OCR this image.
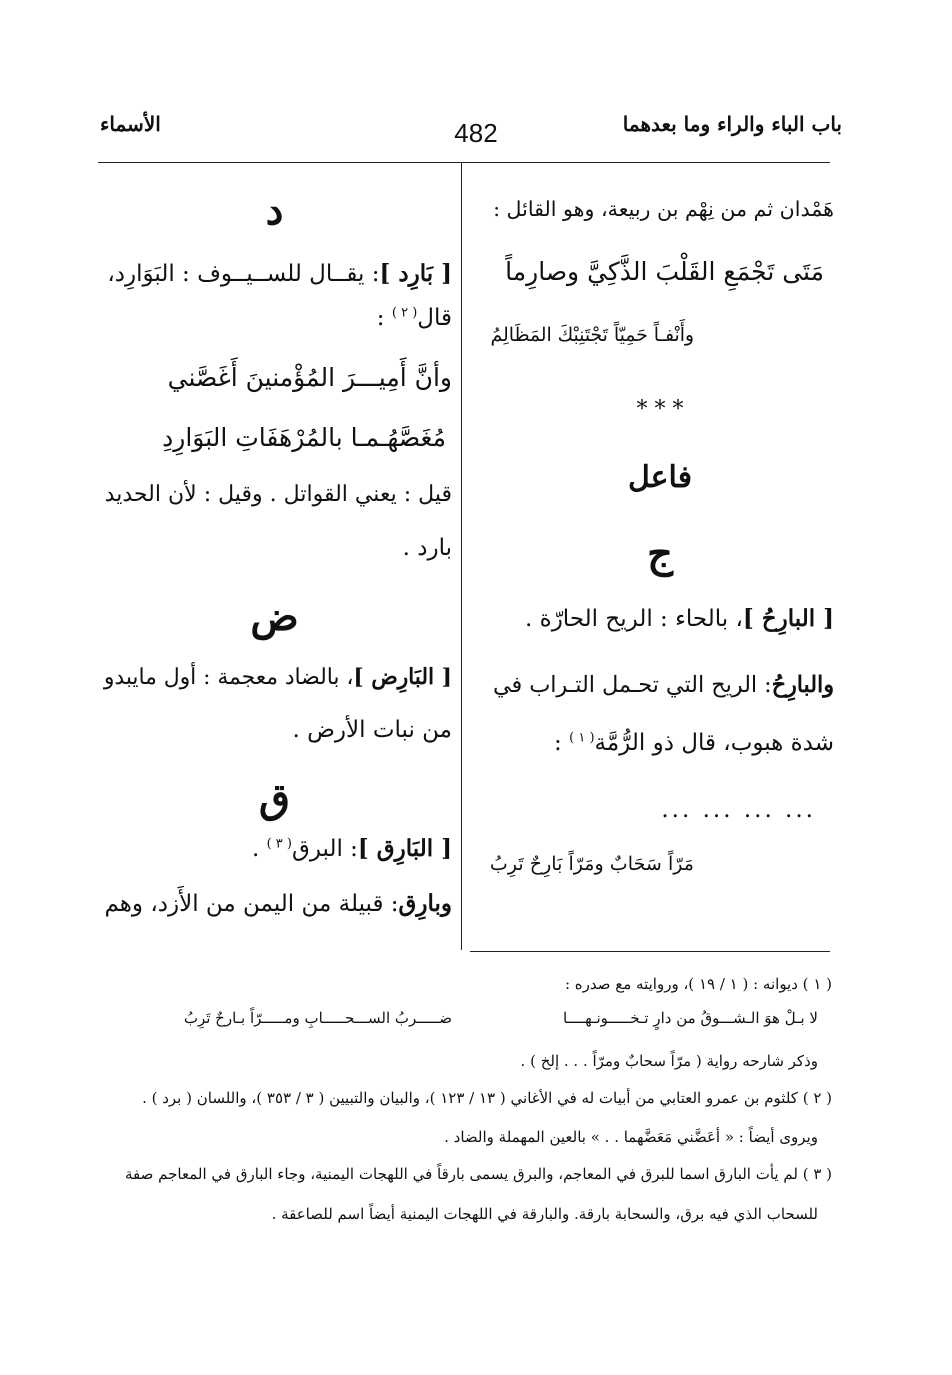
باب الباء والراء وما بعدهما
482
الأسماء
هَمْدان ثم من نِهْم بن ربيعة، وهو القائل :
مَتَى تَجْمَعِ القَلْبَ الذَّكِيَّ وصارِماً
وأَنْفـاً حَمِيّاً تَجْتَنِبْكَ المَظَالِمُ
* * *
فاعل
ج
[ البارِحُ ]، بالحاء : الريح الحارّة .
والبارِحُ: الريح التي تحـمل التـراب في
شدة هبوب، قال ذو الرُّمَّة$^{( ١ )}$ :
... ... ... ...
مَرّاً سَحَابٌ ومَرّاً بَارِحٌ تَرِبُ
د
[ بَارِد ]: يقــال للســيــوف : البَوَارِد،
قال$^{( ٢ )}$ :
وأنَّ أَمِيـــرَ المُؤْمنينَ أَغَصَّني
مُغَصَّهُـمـا بالمُرْهَفَاتِ البَوَارِدِ
قيل : يعني القواتل . وقيل : لأن الحديد
بارد .
ض
[ البَارِض ]، بالضاد معجمة : أول مايبدو
من نبات الأرض .
ق
[ البَارِق ]: البرق$^{( ٣ )}$ .
وبارِق: قبيلة من اليمن من الأَزد، وهم
( ١ ) ديوانه : ( ١ / ١٩ )، وروايته مع صدره :
لا بـلْ هوَ الـشـــوقُ من دارٍ تـخـــــونـهــــا
ضـــــربُ الســـحـــــابِ ومـــــرّاً بـارحٌ تَرِبُ
وذكر شارحه رواية ( مرّاً سحابٌ ومرّاً . . . إلخ ) .
( ٢ ) كلثوم بن عمرو العتابي من أبيات له في الأغاني ( ١٣ / ١٢٣ )، والبيان والتبيين ( ٣ / ٣٥٣ )، واللسان ( برد ) .
ويروى أيضاً : « أعَضَّني مَعَضَّهما . . » بالعين المهملة والضاد .
( ٣ ) لم يأت البارق اسما للبرق في المعاجم، والبرق يسمى بارقاً في اللهجات اليمنية، وجاء البارق في المعاجم صفة
للسحاب الذي فيه برق، والسحابة بارقة. والبارقة في اللهجات اليمنية أيضاً اسم للصاعقة .
